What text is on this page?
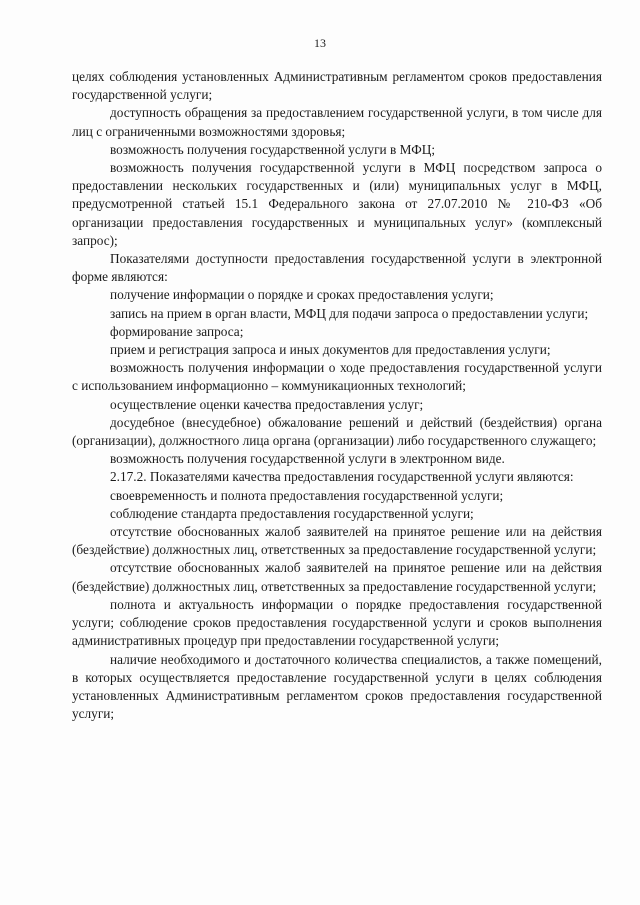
13

целях соблюдения установленных Административным регламентом сроков предоставления государственной услуги;

доступность обращения за предоставлением государственной услуги, в том числе для лиц с ограниченными возможностями здоровья;

возможность получения государственной услуги в МФЦ;

возможность получения государственной услуги в МФЦ посредством запроса о предоставлении нескольких государственных и (или) муниципальных услуг в МФЦ, предусмотренной статьей 15.1 Федерального закона от 27.07.2010 № 210-ФЗ «Об организации предоставления государственных и муниципальных услуг» (комплексный запрос);

Показателями доступности предоставления государственной услуги в электронной форме являются:

получение информации о порядке и сроках предоставления услуги;

запись на прием в орган власти, МФЦ для подачи запроса о предоставлении услуги;

формирование запроса;

прием и регистрация запроса и иных документов для предоставления услуги;

возможность получения информации о ходе предоставления государственной услуги с использованием информационно – коммуникационных технологий;

осуществление оценки качества предоставления услуг;

досудебное (внесудебное) обжалование решений и действий (бездействия) органа (организации), должностного лица органа (организации) либо государственного служащего;

возможность получения государственной услуги в электронном виде.

2.17.2. Показателями качества предоставления государственной услуги являются:

своевременность и полнота предоставления государственной услуги;

соблюдение стандарта предоставления государственной услуги;

отсутствие обоснованных жалоб заявителей на принятое решение или на действия (бездействие) должностных лиц, ответственных за предоставление государственной услуги;

отсутствие обоснованных жалоб заявителей на принятое решение или на действия (бездействие) должностных лиц, ответственных за предоставление государственной услуги;

полнота и актуальность информации о порядке предоставления государственной услуги; соблюдение сроков предоставления государственной услуги и сроков выполнения административных процедур при предоставлении государственной услуги;

наличие необходимого и достаточного количества специалистов, а также помещений, в которых осуществляется предоставление государственной услуги в целях соблюдения установленных Административным регламентом сроков предоставления государственной услуги;
